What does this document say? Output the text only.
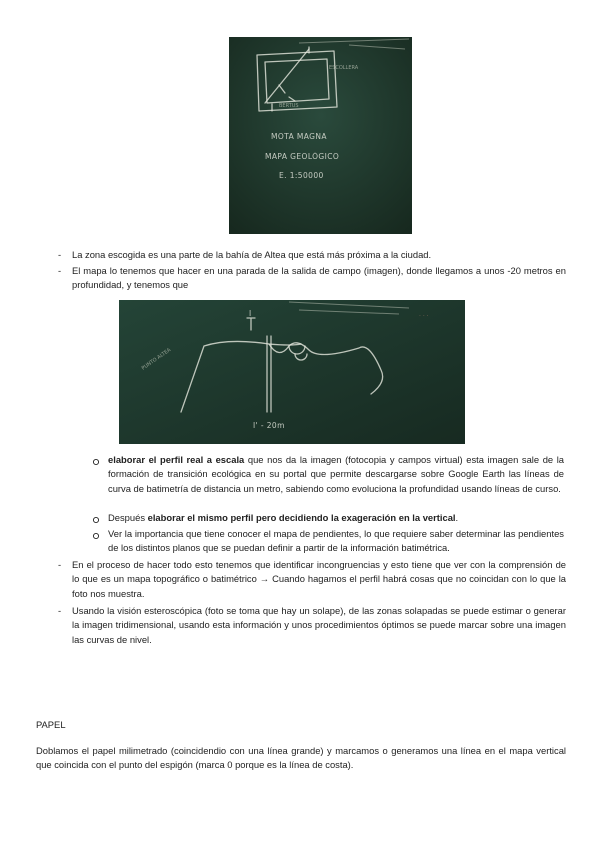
ESCOLLERA
BERTUS
MOTA MAGNA
MAPA GEOLÓGICO
E. 1:50000
-	La zona escogida es una parte de la bahía de Altea que está más próxima a la ciudad.

-	El mapa lo tenemos que hacer en una parada de la salida de campo (imagen), donde llegamos a unos -20 metros en profundidad, y tenemos que

I
I' - 20m
PUNTO ALTEA
· · ·

elaborar el perfil real a escala que nos da la imagen (fotocopia y campos virtual) esta imagen sale de la formación de transición ecológica en su portal que permite descargarse sobre Google Earth las líneas de curva de batimetría de distancia un metro, sabiendo como evoluciona la profundidad usando líneas de curso.

Después elaborar el mismo perfil pero decidiendo la exageración en la vertical.

Ver la importancia que tiene conocer el mapa de pendientes, lo que requiere saber determinar las pendientes de los distintos planos que se puedan definir a partir de la información batimétrica.

-	En el proceso de hacer todo esto tenemos que identificar incongruencias y esto tiene que ver con la comprensión de lo que es un mapa topográfico o batimétrico → Cuando hagamos el perfil habrá cosas que no coincidan con lo que la foto nos muestra.

-	Usando la visión esteroscópica (foto se toma que hay un solape), de las zonas solapadas se puede estimar o generar la imagen tridimensional, usando esta información y unos procedimientos óptimos se puede marcar sobre una imagen las curvas de nivel.

PAPEL

Doblamos el papel milimetrado (coincidendio con una línea grande) y marcamos o generamos una línea en el mapa vertical que coincida con el punto del espigón (marca 0 porque es la línea de costa).
